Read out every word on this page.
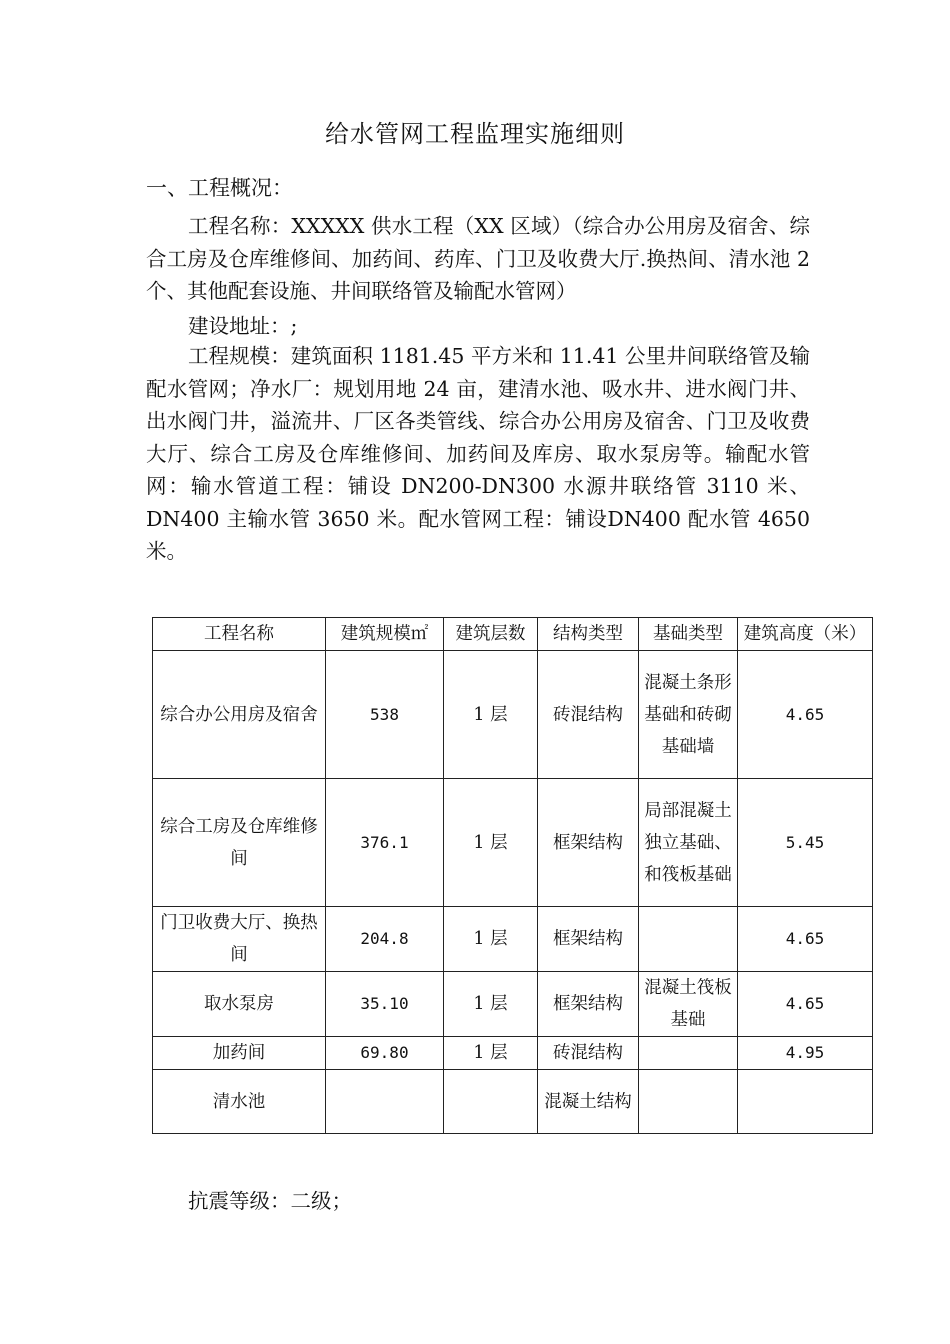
给水管网工程监理实施细则
一、工程概况：
工程名称：XXXXX 供水工程（XX 区域）（综合办公用房及宿舍、综合工房及仓库维修间、加药间、药库、门卫及收费大厅.换热间、清水池 2 个、其他配套设施、井间联络管及输配水管网）
建设地址：;
工程规模：建筑面积 1181.45 平方米和 11.41 公里井间联络管及输配水管网；净水厂：规划用地 24 亩，建清水池、吸水井、进水阀门井、出水阀门井，溢流井、厂区各类管线、综合办公用房及宿舍、门卫及收费大厅、综合工房及仓库维修间、加药间及库房、取水泵房等。输配水管网：输水管道工程：铺设 DN200-DN300 水源井联络管 3110 米、DN400 主输水管 3650 米。配水管网工程：铺设DN400 配水管 4650 米。
工程名称	建筑规模㎡	建筑层数	结构类型	基础类型	建筑高度（米）
综合办公用房及宿舍	538	1 层	砖混结构	混凝土条形基础和砖砌基础墙	4.65
综合工房及仓库维修间	376.1	1 层	框架结构	局部混凝土独立基础、和筏板基础	5.45
门卫收费大厅、换热间	204.8	1 层	框架结构		4.65
取水泵房	35.10	1 层	框架结构	混凝土筏板基础	4.65
加药间	69.80	1 层	砖混结构		4.95
清水池			混凝土结构		
抗震等级：二级；
